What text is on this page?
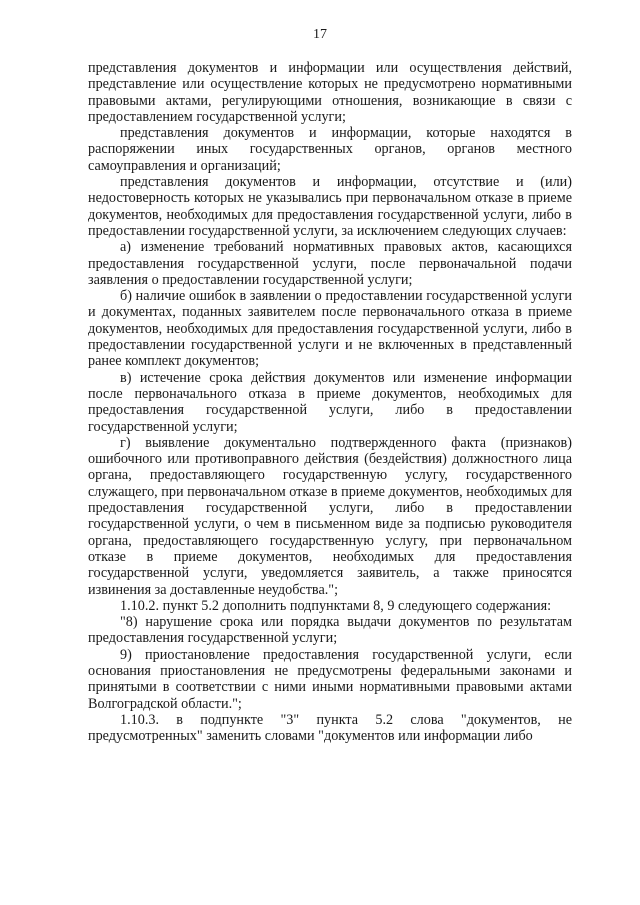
17

представления документов и информации или осуществления действий, представление или осуществление которых не предусмотрено нормативными правовыми актами, регулирующими отношения, возникающие в связи с предоставлением государственной услуги;

представления документов и информации, которые находятся в распоряжении иных государственных органов, органов местного самоуправления и организаций;

представления документов и информации, отсутствие и (или) недостоверность которых не указывались при первоначальном отказе в приеме документов, необходимых для предоставления государственной услуги, либо в предоставлении государственной услуги, за исключением следующих случаев:

а) изменение требований нормативных правовых актов, касающихся предоставления государственной услуги, после первоначальной подачи заявления о предоставлении государственной услуги;

б) наличие ошибок в заявлении о предоставлении государственной услуги и документах, поданных заявителем после первоначального отказа в приеме документов, необходимых для предоставления государственной услуги, либо в предоставлении государственной услуги и не включенных в представленный ранее комплект документов;

в) истечение срока действия документов или изменение информации после первоначального отказа в приеме документов, необходимых для предоставления государственной услуги, либо в предоставлении государственной услуги;

г) выявление документально подтвержденного факта (признаков) ошибочного или противоправного действия (бездействия) должностного лица органа, предоставляющего государственную услугу, государственного служащего, при первоначальном отказе в приеме документов, необходимых для предоставления государственной услуги, либо в предоставлении государственной услуги, о чем в письменном виде за подписью руководителя органа, предоставляющего государственную услугу, при первоначальном отказе в приеме документов, необходимых для предоставления государственной услуги, уведомляется заявитель, а также приносятся извинения за доставленные неудобства.";

1.10.2. пункт 5.2 дополнить подпунктами 8, 9 следующего содержания:

"8) нарушение срока или порядка выдачи документов по результатам предоставления государственной услуги;

9) приостановление предоставления государственной услуги, если основания приостановления не предусмотрены федеральными законами и принятыми в соответствии с ними иными нормативными правовыми актами Волгоградской области.";

1.10.3. в подпункте "3" пункта 5.2 слова "документов, не предусмотренных" заменить словами "документов или информации либо
